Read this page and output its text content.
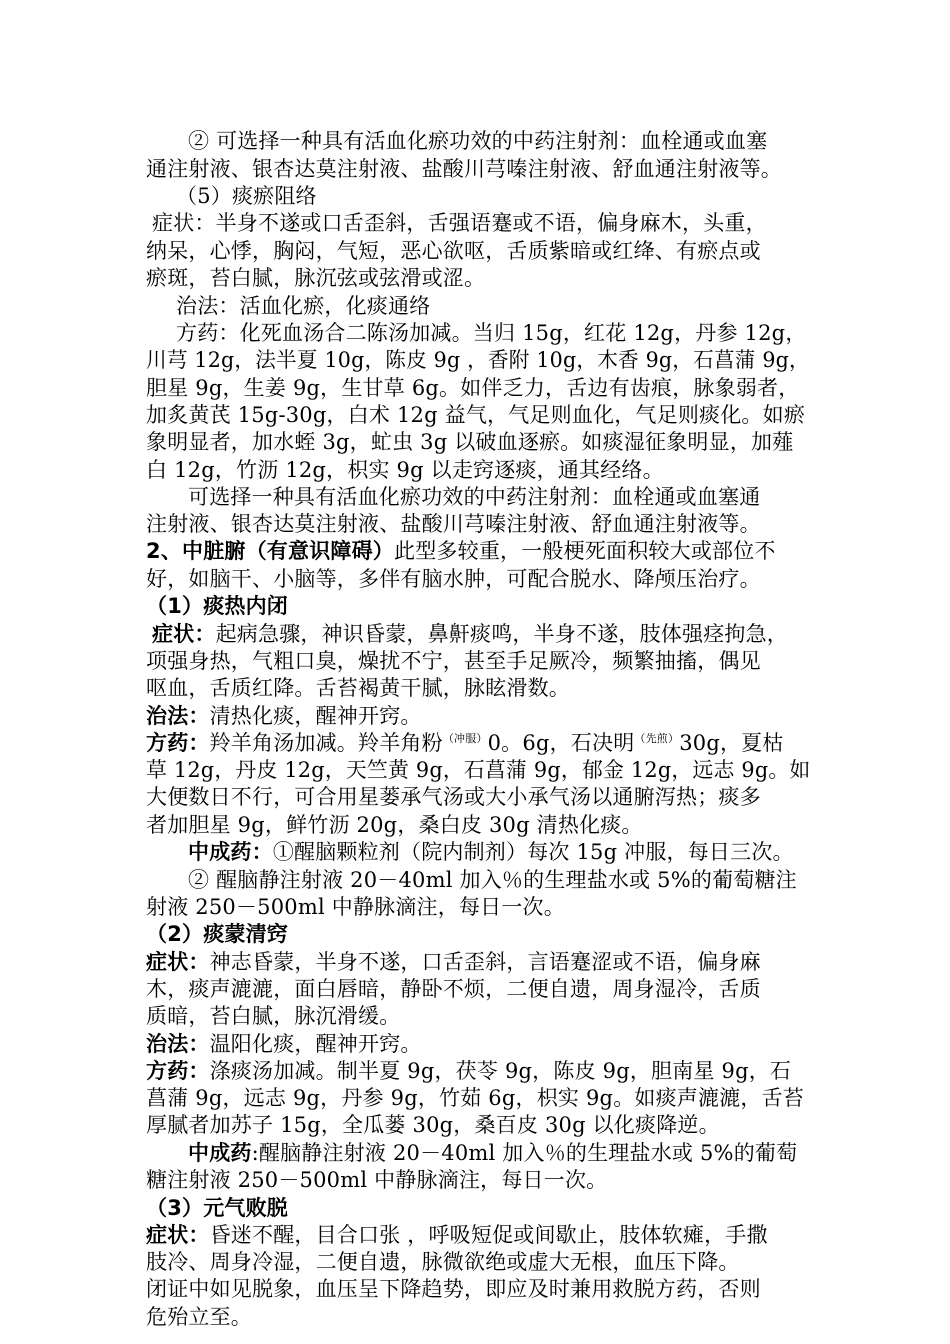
② 可选择一种具有活血化瘀功效的中药注射剂：血栓通或血塞
通注射液、银杏达莫注射液、盐酸川芎嗪注射液、舒血通注射液等。
（5）痰瘀阻络
症状：半身不遂或口舌歪斜，舌强语蹇或不语，偏身麻木，头重，
纳呆，心悸，胸闷，气短，恶心欲呕，舌质紫暗或红绛、有瘀点或
瘀斑，苔白腻，脉沉弦或弦滑或涩。
治法：活血化瘀，化痰通络
方药：化死血汤合二陈汤加减。当归 15g，红花 12g，丹参 12g，
川芎 12g，法半夏 10g，陈皮 9g ，香附 10g，木香 9g，石菖蒲 9g，
胆星 9g，生姜 9g，生甘草 6g。如伴乏力，舌边有齿痕，脉象弱者，
加炙黄芪 15g-30g，白术 12g 益气，气足则血化，气足则痰化。如瘀
象明显者，加水蛭 3g，虻虫 3g 以破血逐瘀。如痰湿征象明显，加薤
白 12g，竹沥 12g，枳实 9g 以走窍逐痰，通其经络。
可选择一种具有活血化瘀功效的中药注射剂：血栓通或血塞通
注射液、银杏达莫注射液、盐酸川芎嗪注射液、舒血通注射液等。
2、中脏腑（有意识障碍）此型多较重，一般梗死面积较大或部位不
好，如脑干、小脑等，多伴有脑水肿，可配合脱水、降颅压治疗。
（1）痰热内闭
症状：起病急骤，神识昏蒙，鼻鼾痰鸣，半身不遂，肢体强痉拘急，
项强身热，气粗口臭，燥扰不宁，甚至手足厥冷，频繁抽搐，偶见
呕血，舌质红降。舌苔褐黄干腻，脉眩滑数。
治法：清热化痰，醒神开窍。
方药：羚羊角汤加减。羚羊角粉$^{(冲服)}$0。6g，石决明$^{(先煎)}$30g，夏枯
草 12g，丹皮 12g，天竺黄 9g，石菖蒲 9g，郁金 12g，远志 9g。如
大便数日不行，可合用星蒌承气汤或大小承气汤以通腑泻热；痰多
者加胆星 9g，鲜竹沥 20g，桑白皮 30g 清热化痰。
中成药：①醒脑颗粒剂（院内制剂）每次 15g 冲服，每日三次。
② 醒脑静注射液 20－40ml 加入％的生理盐水或 5%的葡萄糖注
射液 250－500ml 中静脉滴注，每日一次。
（2）痰蒙清窍
症状：神志昏蒙，半身不遂，口舌歪斜，言语蹇涩或不语，偏身麻
木，痰声漉漉，面白唇暗，静卧不烦，二便自遗，周身湿冷，舌质
质暗，苔白腻，脉沉滑缓。
治法：温阳化痰，醒神开窍。
方药：涤痰汤加减。制半夏 9g，茯苓 9g，陈皮 9g，胆南星 9g，石
菖蒲 9g，远志 9g，丹参 9g，竹茹 6g，枳实 9g。如痰声漉漉，舌苔
厚腻者加苏子 15g，全瓜蒌 30g，桑百皮 30g 以化痰降逆。
中成药:醒脑静注射液 20－40ml 加入％的生理盐水或 5%的葡萄
糖注射液 250－500ml 中静脉滴注，每日一次。
（3）元气败脱
症状：昏迷不醒，目合口张 ，呼吸短促或间歇止，肢体软瘫，手撒
肢冷、周身冷湿，二便自遗，脉微欲绝或虚大无根，血压下降。
闭证中如见脱象，血压呈下降趋势，即应及时兼用救脱方药，否则
危殆立至。
